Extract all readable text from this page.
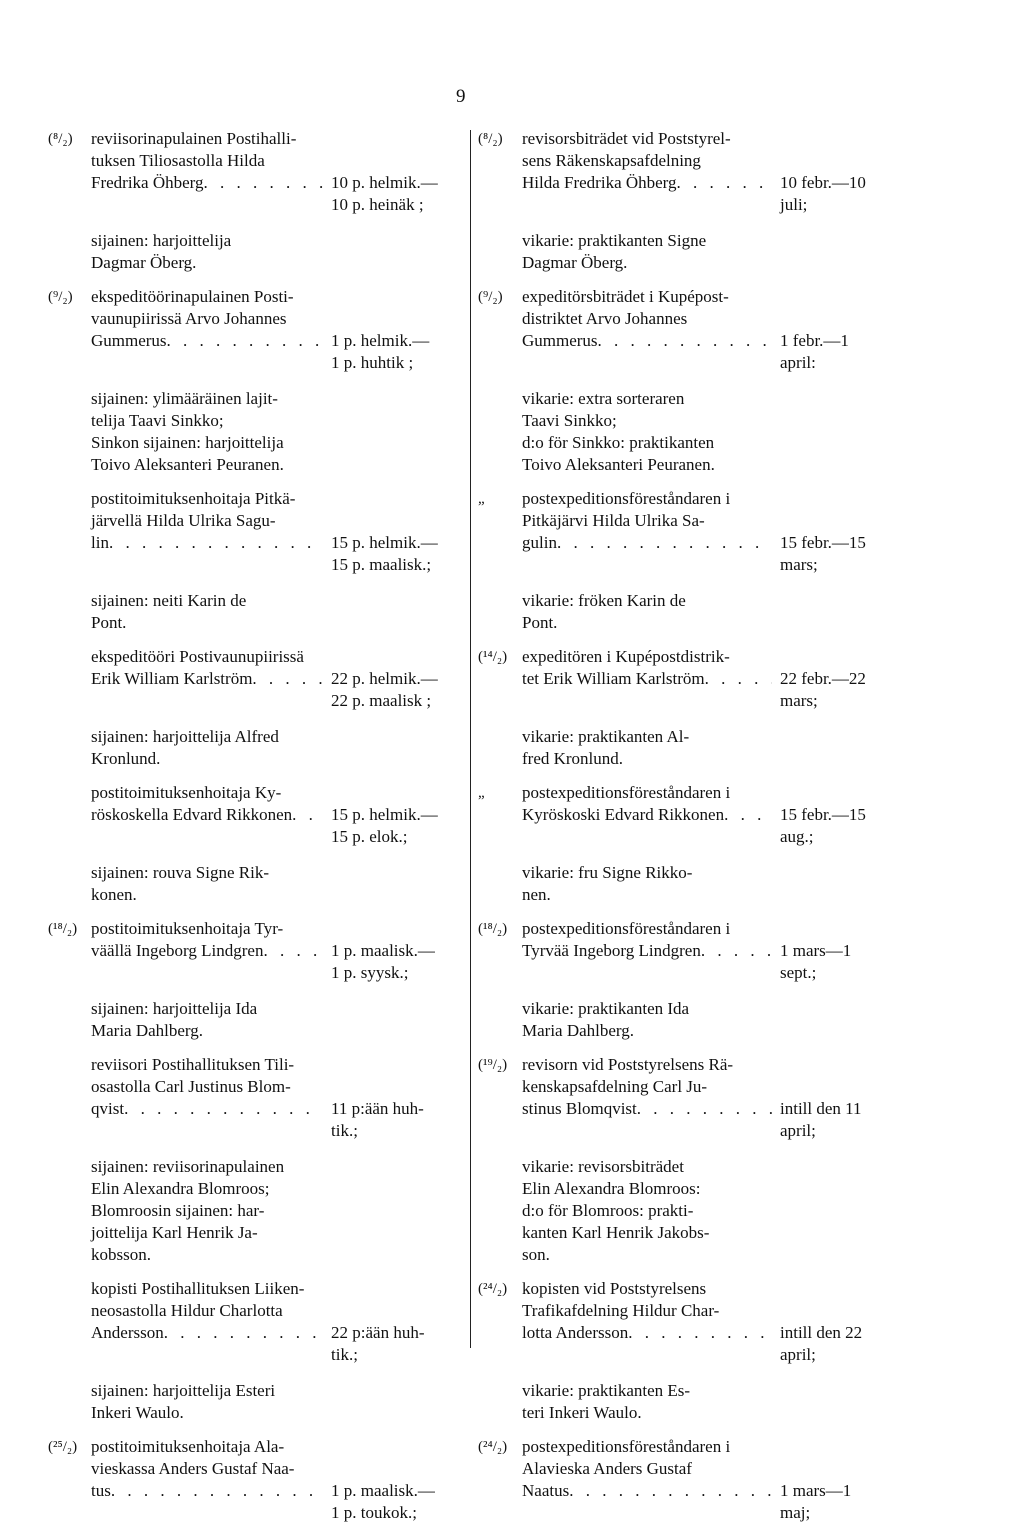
9
(⁸/₂)	reviisorinapulainen Postihalli-
tuksen Tiliosastolla Hilda
Fredrika Öhberg . . .

	10 p. helmik.—
10 p. heinäk ;
sijainen: harjoittelija
Dagmar Öberg.
(⁹/₂)	ekspeditöörinapulainen Posti-
vaunupiirissä Arvo Johannes
Gummerus . . .

	1 p. helmik.—
1 p. huhtik ;
sijainen: ylimääräinen lajit-
telija Taavi Sinkko;
Sinkon sijainen: harjoittelija
Toivo Aleksanteri Peuranen.
postitoimituksenhoitaja Pitkä-
järvellä Hilda Ulrika Sagu-
lin . . .

	15 p. helmik.—
15 p. maalisk.;
sijainen: neiti Karin de
Pont.
ekspeditööri Postivaunupiirissä
Erik William Karlström . . .
	22 p. helmik.—
22 p. maalisk ;
sijainen: harjoittelija Alfred
Kronlund.
postitoimituksenhoitaja Ky-
röskoskella Edvard Rikkonen . . .
15 p. helmik.—
15 p. elok.;
sijainen: rouva Signe Rik-
konen.
(¹⁸/₂) postitoimituksenhoitaja Tyr-
väällä Ingeborg Lindgren . . .
	1 p. maalisk.—
1 p. syysk.;
sijainen: harjoittelija Ida
Maria Dahlberg.
reviisori Postihallituksen Tili-
osastolla Carl Justinus Blom-
qvist . . .

	11 p:ään huh-
tik.;
sijainen: reviisorinapulainen
Elin Alexandra Blomroos;
Blomroosin sijainen: har-
joittelija Karl Henrik Ja-
kobsson.
kopisti Postihallituksen Liiken-
neosastolla Hildur Charlotta
Andersson . . .

	22 p:ään huh-
tik.;
sijainen: harjoittelija Esteri
Inkeri Waulo.
(²⁵/₂) postitoimituksenhoitaja Ala-
vieskassa Anders Gustaf Naa-
tus . . .

	1 p. maalisk.—
1 p. toukok.;
(⁸/₂)	revisorsbiträdet vid Poststyrel-
sens Räkenskapsafdelning
Hilda Fredrika Öhberg . . .

	10 febr.—10
juli;
vikarie: praktikanten Signe
Dagmar Öberg.
(⁹/₂)	expeditörsbiträdet i Kupépost-
distriktet Arvo Johannes
Gummerus . . .

	1 febr.—1
april:
vikarie: extra sorteraren
Taavi Sinkko;
d:o för Sinkko: praktikanten
Toivo Aleksanteri Peuranen.
„	postexpeditionsföreståndaren i
Pitkäjärvi Hilda Ulrika Sa-
gulin . . .

	15 febr.—15
mars;
vikarie: fröken Karin de
Pont.
(¹⁴/₂) expeditören i Kupépostdistrik-
tet Erik William Karlström . . .
	22 febr.—22
mars;
vikarie: praktikanten Al-
fred Kronlund.
„	postexpeditionsföreståndaren i
Kyröskoski Edvard Rikkonen . . .
	15 febr.—15
aug.;
vikarie: fru Signe Rikko-
nen.
(¹⁸/₂) postexpeditionsföreståndaren i
Tyrvää Ingeborg Lindgren . . .
	1 mars—1
sept.;
vikarie: praktikanten Ida
Maria Dahlberg.
(¹⁹/₂) revisorn vid Poststyrelsens Rä-
kenskapsafdelning Carl Ju-
stinus Blomqvist . . .

	intill den 11
april;
vikarie: revisorsbiträdet
Elin Alexandra Blomroos:
d:o för Blomroos: prakti-
kanten Karl Henrik Jakobs-
son.
(²⁴/₂) kopisten vid Poststyrelsens
Trafikafdelning Hildur Char-
lotta Andersson . . .

	intill den 22
april;
vikarie: praktikanten Es-
teri Inkeri Waulo.
(²⁴/₂) postexpeditionsföreståndaren i
Alavieska Anders Gustaf
Naatus . . .

	1 mars—1
maj;
